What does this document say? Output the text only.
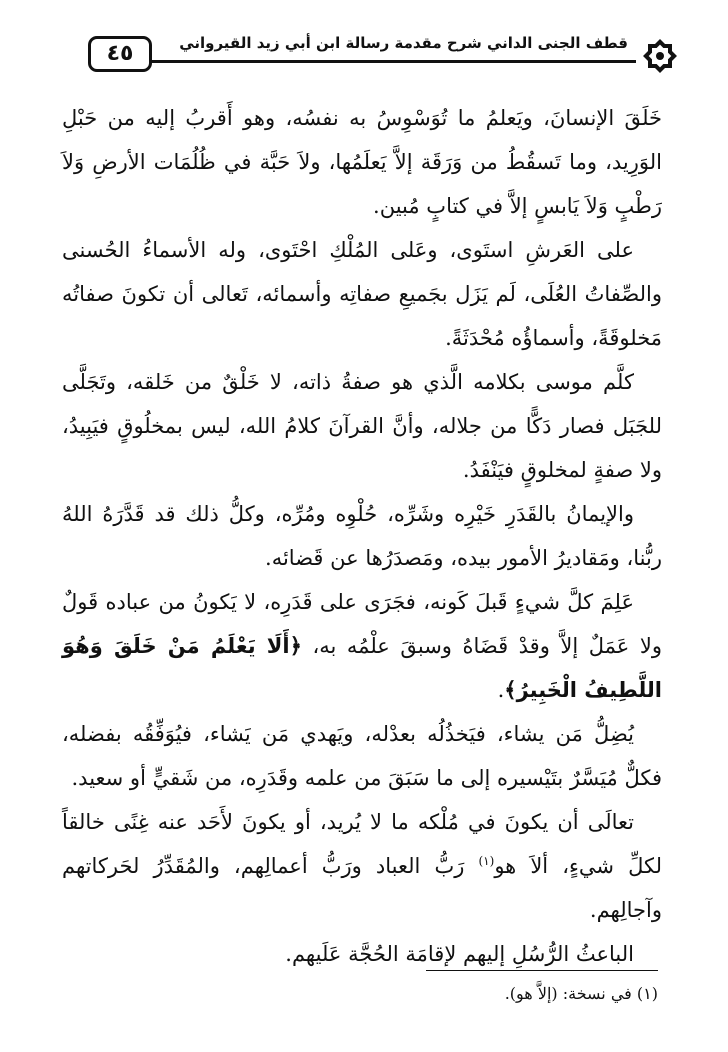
٤٥	قطف الجنى الداني شرح مقدمة رسالة ابن أبي زيد القيرواني

خَلَقَ الإنسانَ، ويَعلمُ ما تُوَسْوِسُ به نفسُه، وهو أَقربُ إليه من حَبْلِ الوَرِيد، وما تَسقُطُ من وَرَقَة إلاَّ يَعلَمُها، ولاَ حَبَّة في ظُلُمَات الأرضِ وَلاَ رَطْبٍ وَلاَ يَابسٍ إلاَّ في كتابٍ مُبين.

على العَرشِ استَوى، وعَلى المُلْكِ احْتَوى، وله الأسماءُ الحُسنى والصِّفاتُ العُلَى، لَم يَزَل بجَميعِ صفاتِه وأسمائه، تَعالى أن تكونَ صفاتُه مَخلوقَةً، وأسماؤُه مُحْدَثَةً.

كلَّم موسى بكلامه الَّذي هو صفةُ ذاته، لا خَلْقٌ من خَلقه، وتَجَلَّى للجَبَل فصار دَكًّا من جلاله، وأنَّ القرآنَ كلامُ الله، ليس بمخلُوقٍ فيَبِيدُ، ولا صفةٍ لمخلوقٍ فيَنْفَدُ.

والإيمانُ بالقَدَرِ خَيْرِه وشَرِّه، حُلْوِه ومُرِّه، وكلُّ ذلك قد قَدَّرَهُ اللهُ ربُّنا، ومَقاديرُ الأمور بيده، ومَصدَرُها عن قَضائه.

عَلِمَ كلَّ شيءٍ قَبلَ كَونه، فجَرَى على قَدَرِه، لا يَكونُ من عباده قَولٌ ولا عَمَلٌ إلاَّ وقدْ قَضَاهُ وسبقَ علْمُه به، ﴿أَلَا يَعْلَمُ مَنْ خَلَقَ وَهُوَ اللَّطِيفُ الْخَبِيرُ﴾.

يُضِلُّ مَن يشاء، فيَخذُلُه بعدْله، ويَهدي مَن يَشاء، فيُوَفِّقُه بفضله، فكلٌّ مُيَسَّرٌ بتَيْسيره إلى ما سَبَقَ من علمه وقَدَرِه، من شَقيٍّ أو سعيد.

تعالَى أن يكونَ في مُلْكه ما لا يُريد، أو يكونَ لأَحَد عنه غِنًى خالقاً لكلِّ شيءٍ، ألاَ هو$^{(١)}$ رَبُّ العباد ورَبُّ أعمالِهم، والمُقَدِّرُ لحَركاتهم وآجالِهم.

الباعثُ الرُّسُلِ إليهم لإقامَة الحُجَّة عَلَيهم.

(١) في نسخة: (إلاَّ هو).
